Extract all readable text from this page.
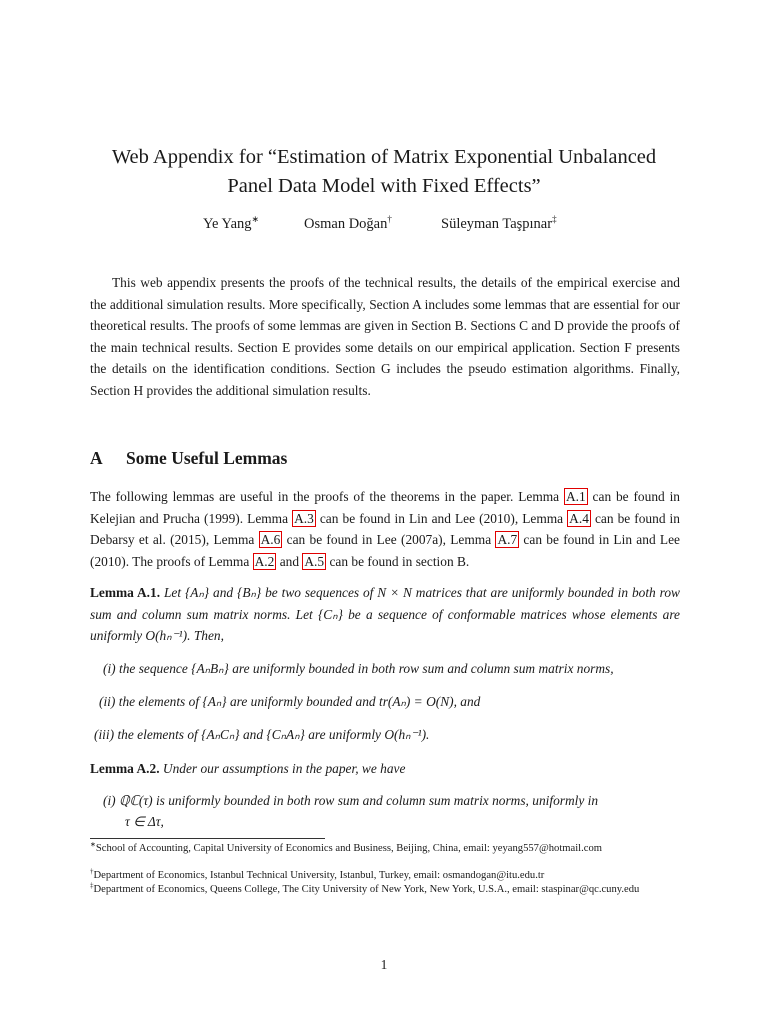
Web Appendix for “Estimation of Matrix Exponential Unbalanced
Panel Data Model with Fixed Effects”
Ye Yang∗	Osman Doğan†	Süleyman Taşpınar‡

This web appendix presents the proofs of the technical results, the details of the empirical exercise and the additional simulation results. More specifically, Section A includes some lemmas that are essential for our theoretical results. The proofs of some lemmas are given in Section B. Sections C and D provide the proofs of the main technical results. Section E provides some details on our empirical application. Section F presents the details on the identification conditions. Section G includes the pseudo estimation algorithms. Finally, Section H provides the additional simulation results.

A Some Useful Lemmas

The following lemmas are useful in the proofs of the theorems in the paper. Lemma A.1 can be found in Kelejian and Prucha (1999). Lemma A.3 can be found in Lin and Lee (2010), Lemma A.4 can be found in Debarsy et al. (2015), Lemma A.6 can be found in Lee (2007a), Lemma A.7 can be found in Lin and Lee (2010). The proofs of Lemma A.2 and A.5 can be found in section B.

Lemma A.1. Let {Aₙ} and {Bₙ} be two sequences of N × N matrices that are uniformly bounded in both row sum and column sum matrix norms. Let {Cₙ} be a sequence of conformable matrices whose elements are uniformly O(hₙ⁻¹). Then,

(i) the sequence {AₙBₙ} are uniformly bounded in both row sum and column sum matrix norms,

(ii) the elements of {Aₙ} are uniformly bounded and tr(Aₙ) = O(N), and

(iii) the elements of {AₙCₙ} and {CₙAₙ} are uniformly O(hₙ⁻¹).

Lemma A.2. Under our assumptions in the paper, we have

(i) ℚℂ(τ) is uniformly bounded in both row sum and column sum matrix norms, uniformly in

τ ∈ Δτ,

∗School of Accounting, Capital University of Economics and Business, Beijing, China, email: yeyang557@hotmail.com

†Department of Economics, Istanbul Technical University, Istanbul, Turkey, email: osmandogan@itu.edu.tr

‡Department of Economics, Queens College, The City University of New York, New York, U.S.A., email: staspinar@qc.cuny.edu

1
